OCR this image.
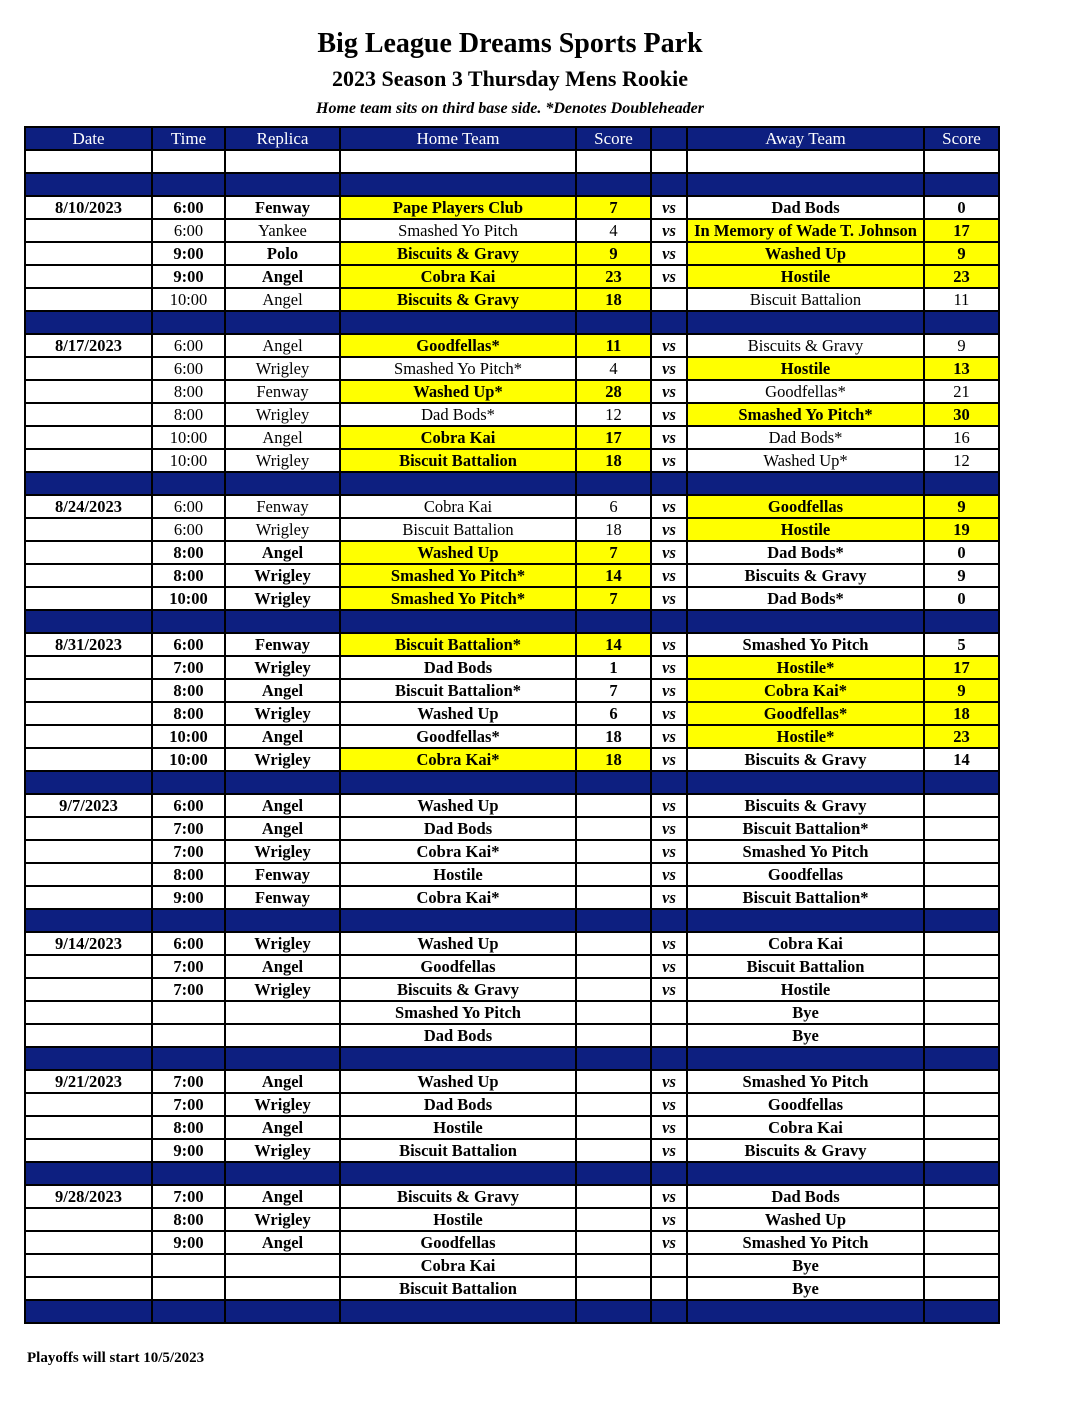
Big League Dreams Sports Park
2023 Season 3 Thursday Mens Rookie
Home team sits on third base side. *Denotes Doubleheader
Date	Time	Replica	Home Team	Score		Away Team	Score

8/10/2023	6:00	Fenway	Pape Players Club	7	vs	Dad Bods	0
	6:00	Yankee	Smashed Yo Pitch	4	vs	In Memory of Wade T. Johnson	17
	9:00	Polo	Biscuits & Gravy	9	vs	Washed Up	9
	9:00	Angel	Cobra Kai	23	vs	Hostile	23
	10:00	Angel	Biscuits & Gravy	18		Biscuit Battalion	11

8/17/2023	6:00	Angel	Goodfellas*	11	vs	Biscuits & Gravy	9
	6:00	Wrigley	Smashed Yo Pitch*	4	vs	Hostile	13
	8:00	Fenway	Washed Up*	28	vs	Goodfellas*	21
	8:00	Wrigley	Dad Bods*	12	vs	Smashed Yo Pitch*	30
	10:00	Angel	Cobra Kai	17	vs	Dad Bods*	16
	10:00	Wrigley	Biscuit Battalion	18	vs	Washed Up*	12

8/24/2023	6:00	Fenway	Cobra Kai	6	vs	Goodfellas	9
	6:00	Wrigley	Biscuit Battalion	18	vs	Hostile	19
	8:00	Angel	Washed Up	7	vs	Dad Bods*	0
	8:00	Wrigley	Smashed Yo Pitch*	14	vs	Biscuits & Gravy	9
	10:00	Wrigley	Smashed Yo Pitch*	7	vs	Dad Bods*	0

8/31/2023	6:00	Fenway	Biscuit Battalion*	14	vs	Smashed Yo Pitch	5
	7:00	Wrigley	Dad Bods	1	vs	Hostile*	17
	8:00	Angel	Biscuit Battalion*	7	vs	Cobra Kai*	9
	8:00	Wrigley	Washed Up	6	vs	Goodfellas*	18
	10:00	Angel	Goodfellas*	18	vs	Hostile*	23
	10:00	Wrigley	Cobra Kai*	18	vs	Biscuits & Gravy	14

9/7/2023	6:00	Angel	Washed Up		vs	Biscuits & Gravy	
	7:00	Angel	Dad Bods		vs	Biscuit Battalion*	
	7:00	Wrigley	Cobra Kai*		vs	Smashed Yo Pitch	
	8:00	Fenway	Hostile		vs	Goodfellas	
	9:00	Fenway	Cobra Kai*		vs	Biscuit Battalion*	

9/14/2023	6:00	Wrigley	Washed Up		vs	Cobra Kai	
	7:00	Angel	Goodfellas		vs	Biscuit Battalion	
	7:00	Wrigley	Biscuits & Gravy		vs	Hostile	
			Smashed Yo Pitch			Bye	
			Dad Bods			Bye	

9/21/2023	7:00	Angel	Washed Up		vs	Smashed Yo Pitch	
	7:00	Wrigley	Dad Bods		vs	Goodfellas	
	8:00	Angel	Hostile		vs	Cobra Kai	
	9:00	Wrigley	Biscuit Battalion		vs	Biscuits & Gravy	

9/28/2023	7:00	Angel	Biscuits & Gravy		vs	Dad Bods	
	8:00	Wrigley	Hostile		vs	Washed Up	
	9:00	Angel	Goodfellas		vs	Smashed Yo Pitch	
			Cobra Kai			Bye	
			Biscuit Battalion			Bye	

Playoffs will start 10/5/2023
